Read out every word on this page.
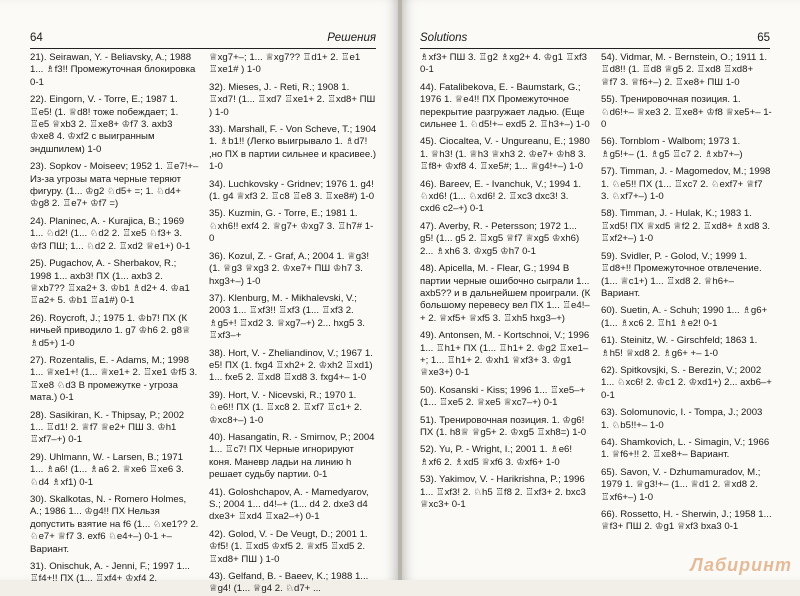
64	Решения

21). Seirawan, Y. - Beliavsky, A.; 1988 1... ♗f3!! Промежуточная блокировка 0-1

22). Eingorn, V. - Torre, E.; 1987 1. ♖e5! (1. ♕d8! тоже побеждает; 1. ♖e5 ♕xb3 2. ♖xe8+ ♔f7 3. axb3 ♔xe8 4. ♔xf2 с выигранным эндшпилем) 1-0

23). Sopkov - Moiseev; 1952 1. ♖e7!+– Из-за угрозы мата черные теряют фигуру. (1... ♔g2 ♘d5+ =; 1. ♘d4+ ♔g8 2. ♖e7+ ♔f7 =)

24). Planinec, A. - Kurajica, B.; 1969 1... ♘d2! (1... ♘d2 2. ♖xe5 ♘f3+ 3. ♔f3 ПШ; 1... ♘d2 2. ♖xd2 ♕e1+) 0-1

25). Pugachov, A. - Sherbakov, R.; 1998 1... axb3! ПХ (1... axb3 2. ♕xb7?? ♖xa2+ 3. ♔b1 ♗d2+ 4. ♔a1 ♖a2+ 5. ♔b1 ♖a1#) 0-1

26). Roycroft, J.; 1975 1. ♔b7! ПХ (К ничьей приводило 1. g7 ♔h6 2. g8♕ ♗d5+) 1-0

27). Rozentalis, E. - Adams, M.; 1998 1... ♕xe1+! (1... ♕xe1+ 2. ♖xe1 ♔f5 3. ♖xe8 ♘d3 В промежутке - угроза мата.) 0-1

28). Sasikiran, K. - Thipsay, P.; 2002 1... ♖d1! 2. ♕f7 ♕e2+ ПШ 3. ♔h1 ♖xf7–+) 0-1

29). Uhlmann, W. - Larsen, B.; 1971 1... ♗a6! (1... ♗a6 2. ♕xe6 ♖xe6 3. ♘d4 ♗xf1) 0-1

30). Skalkotas, N. - Romero Holmes, A.; 1986 1... ♔g4!! ПХ Нельзя допустить взятие на f6 (1... ♘xe1?? 2. ♘e7+ ♕f7 3. exf6 ♘e4+–) 0-1 +– Вариант.

31). Onischuk, A. - Jenni, F.; 1997 1... ♖f4+!! ПХ (1... ♖xf4+ ♔xf4 2.

♕xg7+–; 1... ♕xg7?? ♖d1+ 2. ♖e1 ♖xe1# ) 1-0

32). Mieses, J. - Reti, R.; 1908 1. ♖xd7! (1... ♖xd7 ♖xe1+ 2. ♖xd8+ ПШ ) 1-0

33). Marshall, F. - Von Scheve, T.; 1904 1. ♗b1!! (Легко выигрывало 1. ♗d7! ,но ПХ в партии сильнее и красивее.) 1-0

34). Luchkovsky - Gridnev; 1976 1. g4! (1. g4 ♕xf3 2. ♖c8 ♖e8 3. ♖xe8#) 1-0

35). Kuzmin, G. - Torre, E.; 1981 1. ♘xh6!! exf4 2. ♕g7+ ♔xg7 3. ♖h7# 1-0

36). Kozul, Z. - Graf, A.; 2004 1. ♕g3! (1. ♕g3 ♕xg3 2. ♔xe7+ ПШ ♔h7 3. hxg3+–) 1-0

37). Klenburg, M. - Mikhalevski, V.; 2003 1... ♖xf3!! ♖xf3 (1... ♖xf3 2. ♗g5+! ♖xd2 3. ♕xg7–+) 2... hxg5 3. ♖xf3–+

38). Hort, V. - Zheliandinov, V.; 1967 1. e5! ПХ (1. fxg4 ♖xh2+ 2. ♔xh2 ♖xd1) 1... fxe5 2. ♖xd8 ♖xd8 3. fxg4+– 1-0

39). Hort, V. - Nicevski, R.; 1970 1. ♘e6!! ПХ (1. ♖xc8 2. ♖xf7 ♖c1+ 2. ♔xc8+–) 1-0

40). Hasangatin, R. - Smirnov, P.; 2004 1... ♖c7! ПХ Черные игнорируют коня. Маневр ладьи на линию h решает судьбу партии. 0-1

41). Goloshchapov, A. - Mamedyarov, S.; 2004 1... d4!–+ (1... d4 2. dxe3 d4 dxe3+ ♖xd4 ♖xa2–+) 0-1

42). Golod, V. - De Veugt, D.; 2001 1. ♔f5! (1. ♖xd5 ♔xf5 2. ♕xf5 ♖xd5 2. ♖xd8+ ПШ ) 1-0

43). Gelfand, B. - Baeev, K.; 1988 1... ♕g4! (1... ♕g4 2. ♘d7+ ...

Solutions	65

♗xf3+ ПШ 3. ♖g2 ♗xg2+ 4. ♔g1 ♖xf3 0-1

44). Fatalibekova, E. - Baumstark, G.; 1976 1. ♕e4!! ПХ Промежуточное перекрытие разгружает ладью. (Еще сильнее 1. ♘d5!+– exd5 2. ♖h3+–) 1-0

45). Ciocaltea, V. - Ungureanu, E.; 1980 1. ♕h3! (1. ♕h3 ♕xh3 2. ♔e7+ ♔h8 3. ♖f8+ ♔xf8 4. ♖xe5#; 1... ♕g4!+–) 1-0

46). Bareev, E. - Ivanchuk, V.; 1994 1. ♘xd6! (1... ♘xd6! 2. ♖xc3 dxc3! 3. cxd6 c2–+) 0-1

47). Averby, R. - Petersson; 1972 1... g5! (1... g5 2. ♖xg5 ♕f7 ♕xg5 ♔xh6) 2... ♗xh6 3. ♔xg5 ♔h7 0-1

48). Apicella, M. - Flear, G.; 1994 В партии черные ошибочно сыграли 1... axb5?? и в дальнейшем проиграли. (К большому перевесу вел ПХ 1... ♖e4!–+ 2. ♕xf5+ ♕xf5 3. ♖xh5 hxg3–+)

49). Antonsen, M. - Kortschnoi, V.; 1996 1... ♖h1+ ПХ (1... ♖h1+ 2. ♔g2 ♖xe1–+; 1... ♖h1+ 2. ♔xh1 ♕xf3+ 3. ♔g1 ♕xe3+) 0-1

50). Kosanski - Kiss; 1996 1... ♖xe5–+ (1... ♖xe5 2. ♕xe5 ♕xc7–+) 0-1

51). Тренировочная позиция. 1. ♔g6! ПХ (1. h8♕ ♕g5+ 2. ♔xg5 ♖xh8=) 1-0

52). Yu, P. - Wright, I.; 2001 1. ♗e6! ♗xf6 2. ♗xd5 ♕xf6 3. ♔xf6+ 1-0

53). Yakimov, V. - Harikrishna, P.; 1996 1... ♖xf3! 2. ♘h5 ♖f8 2. ♖xf3+ 2. bxc3 ♕xc3+ 0-1

54). Vidmar, M. - Bernstein, O.; 1911 1. ♖d8!! (1. ♖d8 ♕g5 2. ♖xd8 ♖xd8+ ♕f7 3. ♕f6+–) 2. ♖xe8+ ПШ 1-0

55). Тренировочная позиция. 1. ♘d6!+– ♕xe3 2. ♖xe8+ ♔f8 ♕xe5+– 1-0

56). Tornblom - Walbom; 1973 1. ♗g5!+– (1. ♗g5 ♖c7 2. ♗xb7+–)

57). Timman, J. - Magomedov, M.; 1998 1. ♘e5!! ПХ (1... ♖xc7 2. ♘exf7+ ♕f7 3. ♘xf7+–) 1-0

58). Timman, J. - Hulak, K.; 1983 1. ♖xd5! ПХ ♕xd5 ♕f2 2. ♖xd8+ ♗xd8 3. ♖xf2+–) 1-0

59). Svidler, P. - Golod, V.; 1999 1. ♖d8+!! Промежуточное отвлечение. (1... ♕c1+) 1... ♖xd8 2. ♕h6+– Вариант.

60). Suetin, A. - Schuh; 1990 1... ♗g6+ (1... ♗xc6 2. ♖h1 ♗e2! 0-1

61). Steinitz, W. - Girschfeld; 1863 1. ♗h5! ♕xd8 2. ♗g6+ +– 1-0

62). Spitkovsjki, S. - Berezin, V.; 2002 1... ♘xc6! 2. ♔c1 2. ♔xd1+) 2... axb6–+ 0-1

63). Solomunovic, I. - Tompa, J.; 2003 1. ♘b5!!+– 1-0

64). Shamkovich, L. - Simagin, V.; 1966 1. ♕f6+!! 2. ♖xe8+– Вариант.

65). Savon, V. - Dzhumamuradov, M.; 1979 1. ♕g3!+– (1... ♕d1 2. ♕xd8 2. ♖xf6+–) 1-0

66). Rossetto, H. - Sherwin, J.; 1958 1... ♕f3+ ПШ 2. ♔g1 ♕xf3 bxa3 0-1

Лабиринт
